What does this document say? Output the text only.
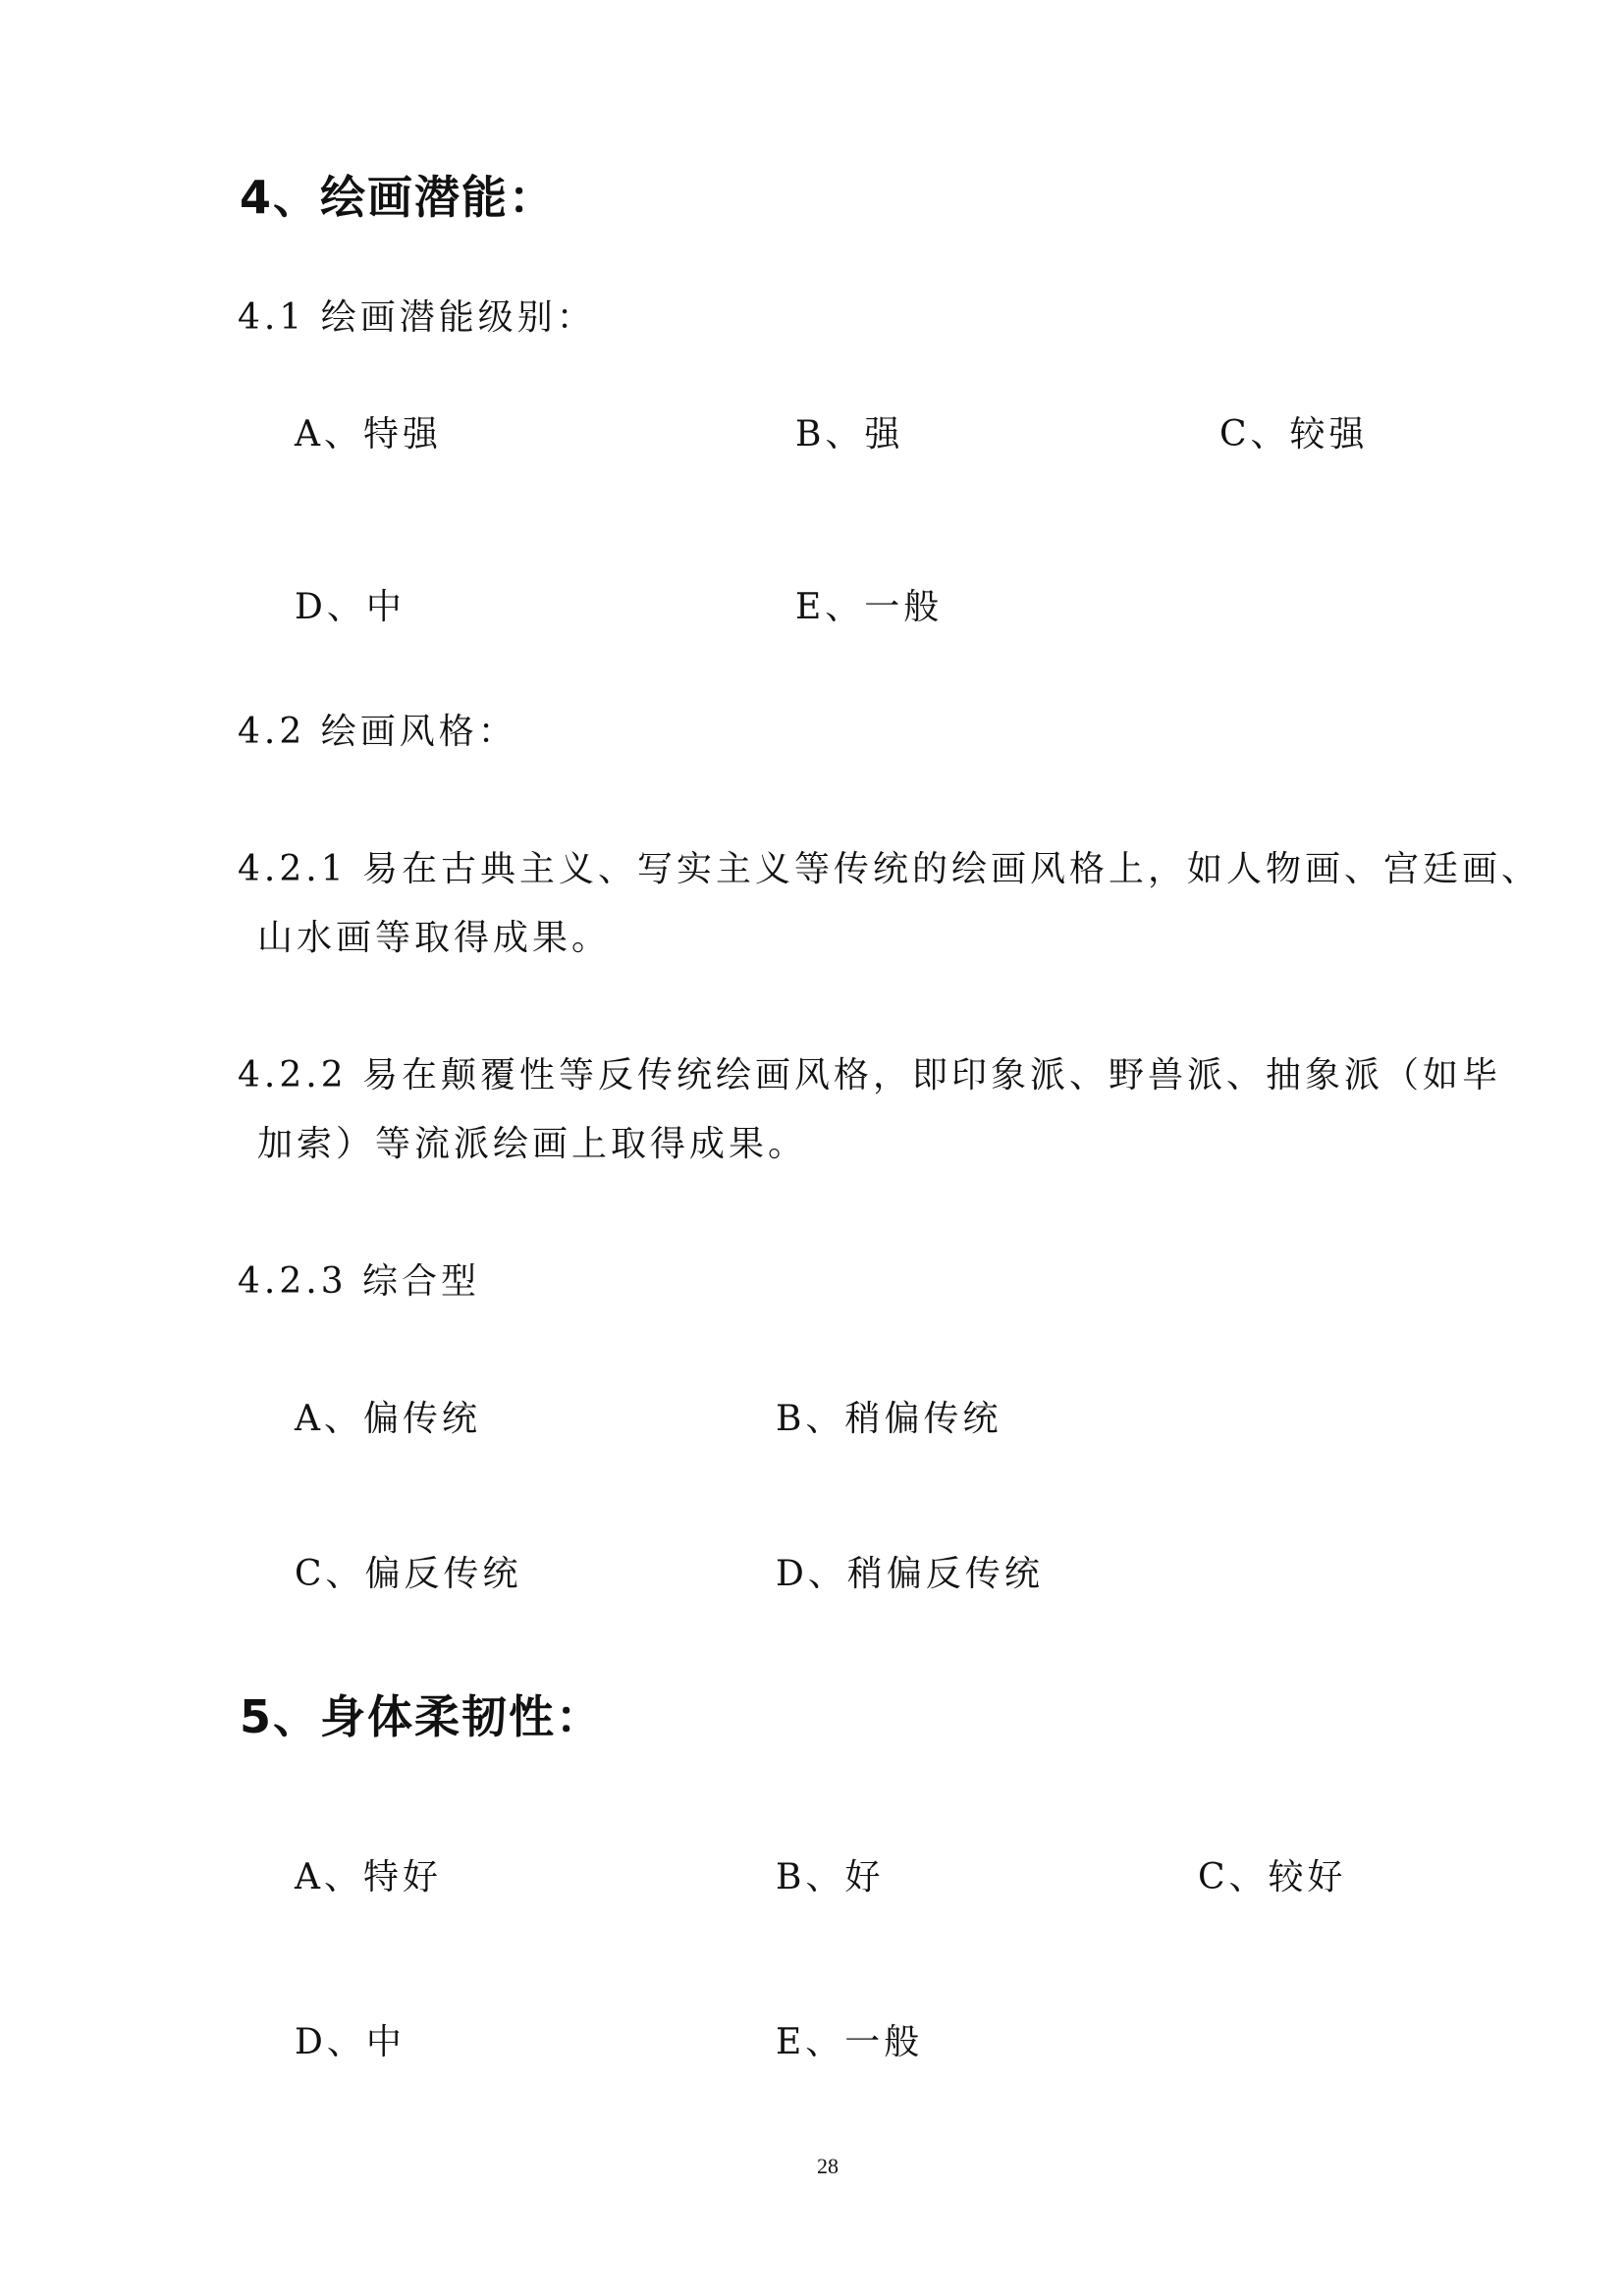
4、绘画潜能：

4.1 绘画潜能级别：

A、特强	B、强	C、较强
D、中	E、一般

4.2 绘画风格：

4.2.1 易在古典主义、写实主义等传统的绘画风格上，如人物画、宫廷画、

山水画等取得成果。

4.2.2 易在颠覆性等反传统绘画风格，即印象派、野兽派、抽象派（如毕

加索）等流派绘画上取得成果。

4.2.3 综合型

A、偏传统	B、稍偏传统
C、偏反传统	D、稍偏反传统
5、身体柔韧性：
A、特好	B、好	C、较好
D、中	E、一般
28
